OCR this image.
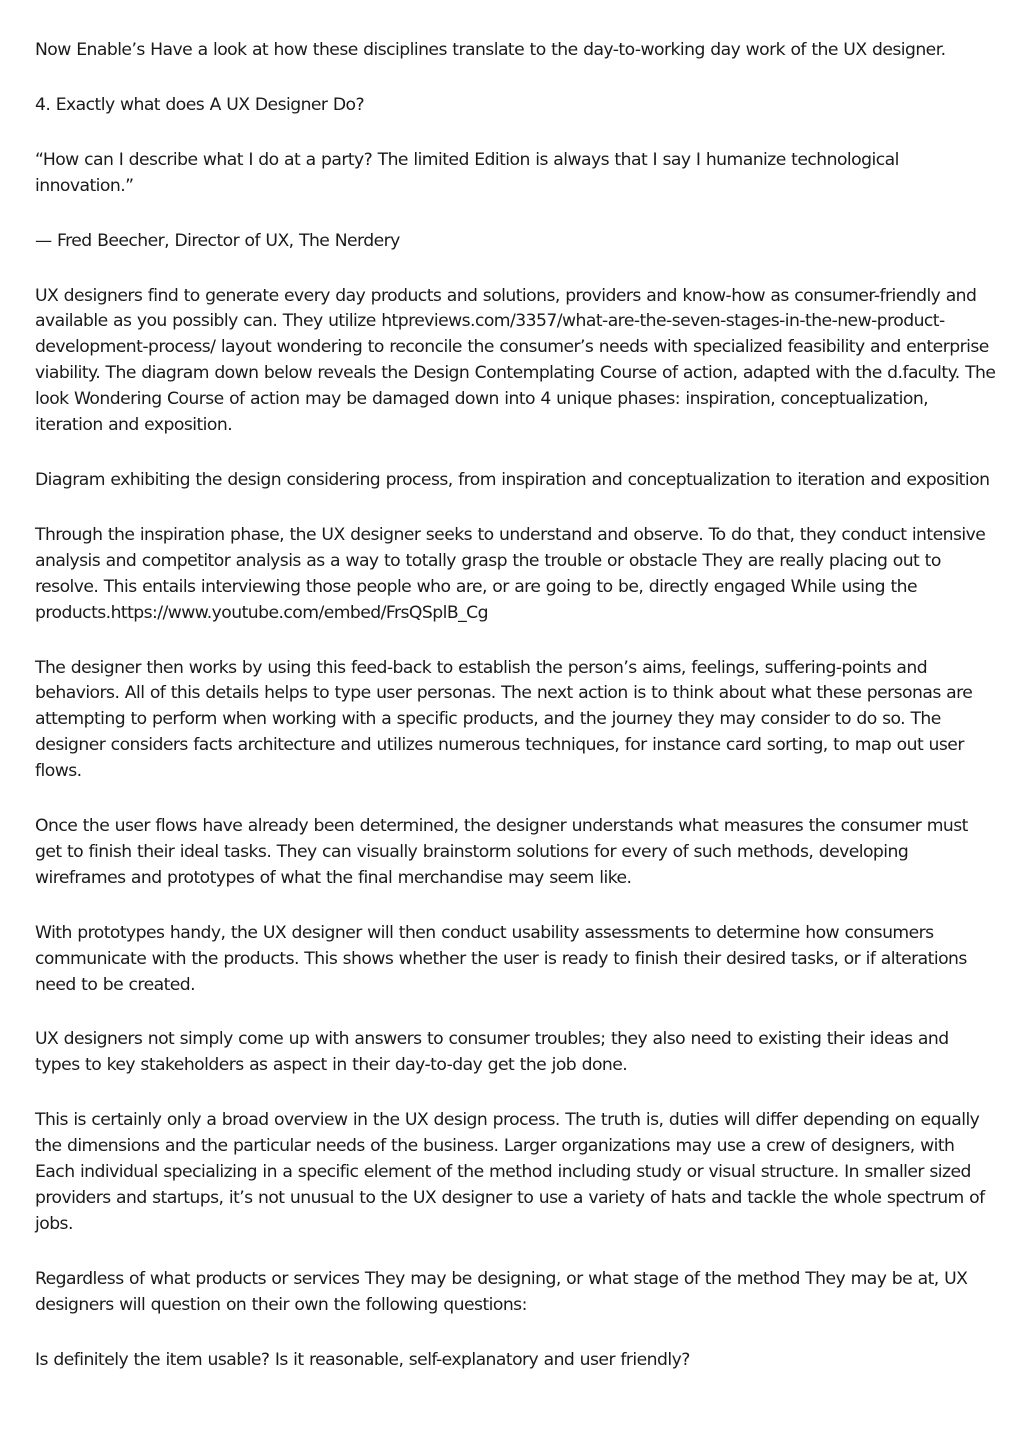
Now Enable’s Have a look at how these disciplines translate to the day-to-working day work of the UX designer.

4. Exactly what does A UX Designer Do?

“How can I describe what I do at a party? The limited Edition is always that I say I humanize technological innovation.”

— Fred Beecher, Director of UX, The Nerdery

UX designers find to generate every day products and solutions, providers and know-how as consumer-friendly and available as you possibly can. They utilize htpreviews.com/3357/what-are-the-seven-stages-in-the-new-product-development-process/ layout wondering to reconcile the consumer’s needs with specialized feasibility and enterprise viability. The diagram down below reveals the Design Contemplating Course of action, adapted with the d.faculty. The look Wondering Course of action may be damaged down into 4 unique phases: inspiration, conceptualization, iteration and exposition.

Diagram exhibiting the design considering process, from inspiration and conceptualization to iteration and exposition

Through the inspiration phase, the UX designer seeks to understand and observe. To do that, they conduct intensive analysis and competitor analysis as a way to totally grasp the trouble or obstacle They are really placing out to resolve. This entails interviewing those people who are, or are going to be, directly engaged While using the products.https://www.youtube.com/embed/FrsQSplB_Cg

The designer then works by using this feed-back to establish the person’s aims, feelings, suffering-points and behaviors. All of this details helps to type user personas. The next action is to think about what these personas are attempting to perform when working with a specific products, and the journey they may consider to do so. The designer considers facts architecture and utilizes numerous techniques, for instance card sorting, to map out user flows.

Once the user flows have already been determined, the designer understands what measures the consumer must get to finish their ideal tasks. They can visually brainstorm solutions for every of such methods, developing wireframes and prototypes of what the final merchandise may seem like.

With prototypes handy, the UX designer will then conduct usability assessments to determine how consumers communicate with the products. This shows whether the user is ready to finish their desired tasks, or if alterations need to be created.

UX designers not simply come up with answers to consumer troubles; they also need to existing their ideas and types to key stakeholders as aspect in their day-to-day get the job done.

This is certainly only a broad overview in the UX design process. The truth is, duties will differ depending on equally the dimensions and the particular needs of the business. Larger organizations may use a crew of designers, with Each individual specializing in a specific element of the method including study or visual structure. In smaller sized providers and startups, it’s not unusual to the UX designer to use a variety of hats and tackle the whole spectrum of jobs.

Regardless of what products or services They may be designing, or what stage of the method They may be at, UX designers will question on their own the following questions:

Is definitely the item usable? Is it reasonable, self-explanatory and user friendly?
